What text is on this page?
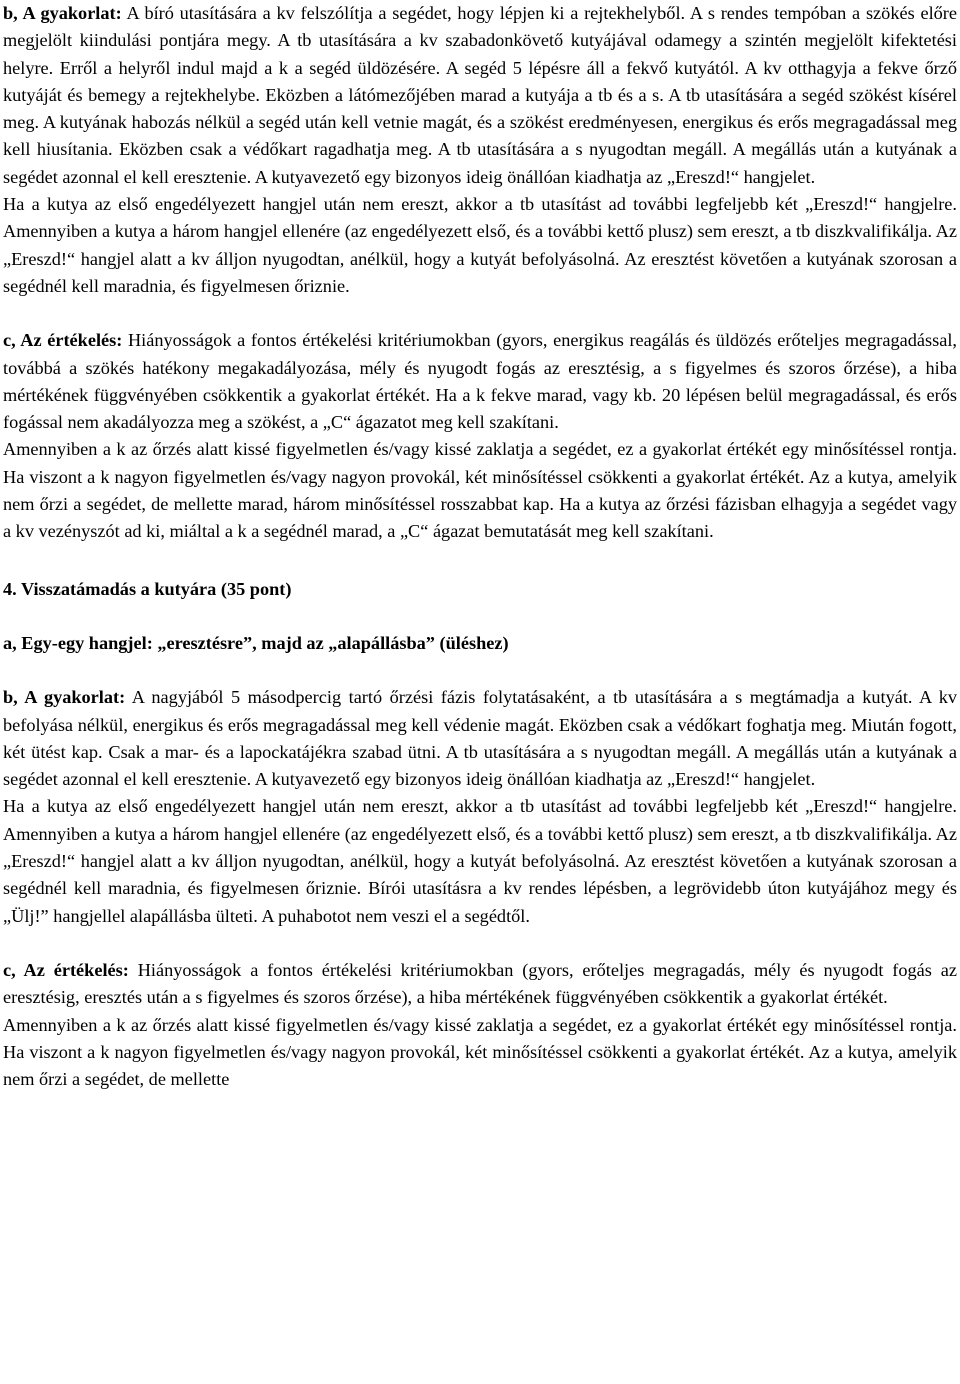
b, A gyakorlat: A bíró utasítására a kv felszólítja a segédet, hogy lépjen ki a rejtekhelyből. A s rendes tempóban a szökés előre megjelölt kiindulási pontjára megy. A tb utasítására a kv szabadonkövető kutyájával odamegy a szintén megjelölt kifektetési helyre. Erről a helyről indul majd a k a segéd üldözésére. A segéd 5 lépésre áll a fekvő kutyától. A kv otthagyja a fekve őrző kutyáját és bemegy a rejtekhelybe. Eközben a látómezőjében marad a kutyája a tb és a s. A tb utasítására a segéd szökést kísérel meg. A kutyának habozás nélkül a segéd után kell vetnie magát, és a szökést eredményesen, energikus és erős megragadással meg kell hiusítania. Eközben csak a védőkart ragadhatja meg. A tb utasítására a s nyugodtan megáll. A megállás után a kutyának a segédet azonnal el kell eresztenie. A kutyavezető egy bizonyos ideig önállóan kiadhatja az „Ereszd!“ hangjelet.

Ha a kutya az első engedélyezett hangjel után nem ereszt, akkor a tb utasítást ad további legfeljebb két „Ereszd!“ hangjelre. Amennyiben a kutya a három hangjel ellenére (az engedélyezett első, és a további kettő plusz) sem ereszt, a tb diszkvalifikálja. Az „Ereszd!“ hangjel alatt a kv álljon nyugodtan, anélkül, hogy a kutyát befolyásolná. Az eresztést követően a kutyának szorosan a segédnél kell maradnia, és figyelmesen őriznie.

c, Az értékelés: Hiányosságok a fontos értékelési kritériumokban (gyors, energikus reagálás és üldözés erőteljes megragadással, továbbá a szökés hatékony megakadályozása, mély és nyugodt fogás az eresztésig, a s figyelmes és szoros őrzése), a hiba mértékének függvényében csökkentik a gyakorlat értékét. Ha a k fekve marad, vagy kb. 20 lépésen belül megragadással, és erős fogással nem akadályozza meg a szökést, a „C“ ágazatot meg kell szakítani.

Amennyiben a k az őrzés alatt kissé figyelmetlen és/vagy kissé zaklatja a segédet, ez a gyakorlat értékét egy minősítéssel rontja. Ha viszont a k nagyon figyelmetlen és/vagy nagyon provokál, két minősítéssel csökkenti a gyakorlat értékét. Az a kutya, amelyik nem őrzi a segédet, de mellette marad, három minősítéssel rosszabbat kap. Ha a kutya az őrzési fázisban elhagyja a segédet vagy a kv vezényszót ad ki, miáltal a k a segédnél marad, a „C“ ágazat bemutatását meg kell szakítani.

4. Visszatámadás a kutyára (35 pont)

a, Egy-egy hangjel: „eresztésre”, majd az „alapállásba” (üléshez)

b, A gyakorlat: A nagyjából 5 másodpercig tartó őrzési fázis folytatásaként, a tb utasítására a s megtámadja a kutyát. A kv befolyása nélkül, energikus és erős megragadással meg kell védenie magát. Eközben csak a védőkart foghatja meg. Miután fogott, két ütést kap. Csak a mar- és a lapockatájékra szabad ütni. A tb utasítására a s nyugodtan megáll. A megállás után a kutyának a segédet azonnal el kell eresztenie. A kutyavezető egy bizonyos ideig önállóan kiadhatja az „Ereszd!“ hangjelet.

Ha a kutya az első engedélyezett hangjel után nem ereszt, akkor a tb utasítást ad további legfeljebb két „Ereszd!“ hangjelre. Amennyiben a kutya a három hangjel ellenére (az engedélyezett első, és a további kettő plusz) sem ereszt, a tb diszkvalifikálja. Az „Ereszd!“ hangjel alatt a kv álljon nyugodtan, anélkül, hogy a kutyát befolyásolná. Az eresztést követően a kutyának szorosan a segédnél kell maradnia, és figyelmesen őriznie. Bírói utasításra a kv rendes lépésben, a legrövidebb úton kutyájához megy és „Ülj!” hangjellel alapállásba ülteti. A puhabotot nem veszi el a segédtől.

c, Az értékelés: Hiányosságok a fontos értékelési kritériumokban (gyors, erőteljes megragadás, mély és nyugodt fogás az eresztésig, eresztés után a s figyelmes és szoros őrzése), a hiba mértékének függvényében csökkentik a gyakorlat értékét.

Amennyiben a k az őrzés alatt kissé figyelmetlen és/vagy kissé zaklatja a segédet, ez a gyakorlat értékét egy minősítéssel rontja. Ha viszont a k nagyon figyelmetlen és/vagy nagyon provokál, két minősítéssel csökkenti a gyakorlat értékét. Az a kutya, amelyik nem őrzi a segédet, de mellette
